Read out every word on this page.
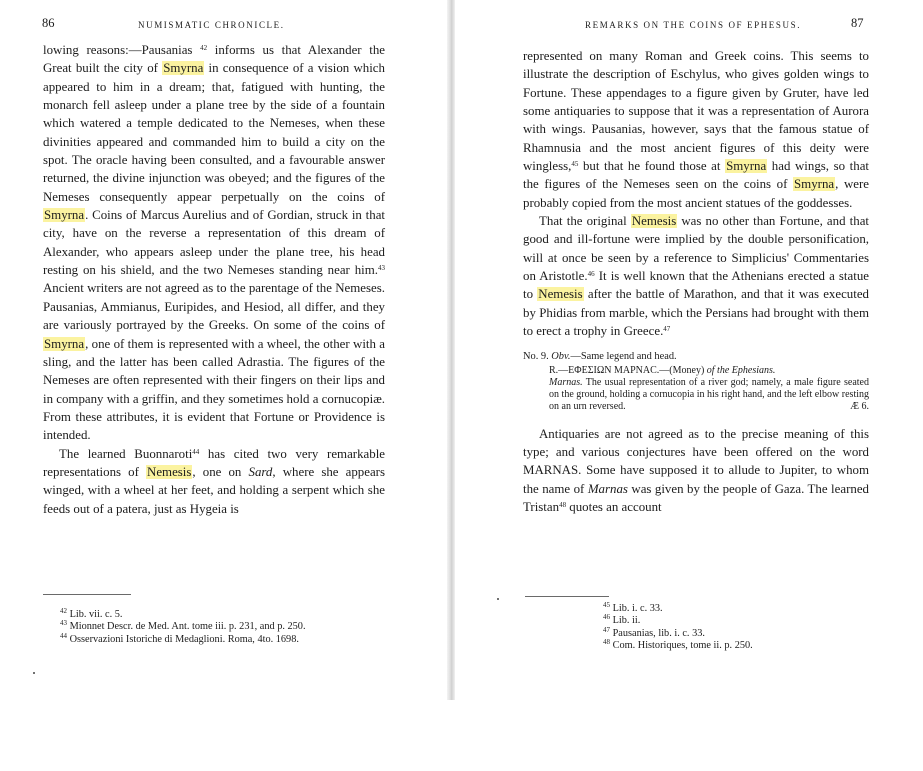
86	NUMISMATIC CHRONICLE.

lowing reasons:—Pausanias $^{42}$ informs us that Alexander the Great built the city of Smyrna in consequence of a vision which appeared to him in a dream; that, fatigued with hunting, the monarch fell asleep under a plane tree by the side of a fountain which watered a temple dedicated to the Nemeses, when these divinities appeared and commanded him to build a city on the spot. The oracle having been consulted, and a favourable answer returned, the divine injunction was obeyed; and the figures of the Nemeses consequently appear perpetually on the coins of Smyrna. Coins of Marcus Aurelius and of Gordian, struck in that city, have on the reverse a representation of this dream of Alexander, who appears asleep under the plane tree, his head resting on his shield, and the two Nemeses standing near him.$^{43}$ Ancient writers are not agreed as to the parentage of the Nemeses. Pausanias, Ammianus, Euripides, and Hesiod, all differ, and they are variously portrayed by the Greeks. On some of the coins of Smyrna, one of them is represented with a wheel, the other with a sling, and the latter has been called Adrastia. The figures of the Nemeses are often represented with their fingers on their lips and in company with a griffin, and they sometimes hold a cornucopiæ. From these attributes, it is evident that Fortune or Providence is intended.

The learned Buonnaroti$^{44}$ has cited two very remarkable representations of Nemesis, one on Sard, where she appears winged, with a wheel at her feet, and holding a serpent which she feeds out of a patera, just as Hygeia is

$^{42}$ Lib. vii. c. 5.
$^{43}$ Mionnet Descr. de Med. Ant. tome iii. p. 231, and p. 250.
$^{44}$ Osservazioni Istoriche di Medaglioni. Roma, 4to. 1698.
REMARKS ON THE COINS OF EPHESUS.	87

represented on many Roman and Greek coins. This seems to illustrate the description of Eschylus, who gives golden wings to Fortune. These appendages to a figure given by Gruter, have led some antiquaries to suppose that it was a representation of Aurora with wings. Pausanias, however, says that the famous statue of Rhamnusia and the most ancient figures of this deity were wingless,$^{45}$ but that he found those at Smyrna had wings, so that the figures of the Nemeses seen on the coins of Smyrna, were probably copied from the most ancient statues of the goddesses.

That the original Nemesis was no other than Fortune, and that good and ill-fortune were implied by the double personification, will at once be seen by a reference to Simplicius' Commentaries on Aristotle.$^{46}$ It is well known that the Athenians erected a statue to Nemesis after the battle of Marathon, and that it was executed by Phidias from marble, which the Persians had brought with them to erect a trophy in Greece.$^{47}$

No. 9. Obv.—Same legend and head.
R.—ΕΦΕΣΙΩΝ ΜΑΡΝΑC.—(Money) of the Ephesians.
Marnas. The usual representation of a river god; namely, a male figure seated on the ground, holding a cornucopia in his right hand, and the left elbow resting on an urn reversed.	Æ 6.

Antiquaries are not agreed as to the precise meaning of this type; and various conjectures have been offered on the word MARNAS. Some have supposed it to allude to Jupiter, to whom the name of Marnas was given by the people of Gaza. The learned Tristan$^{48}$ quotes an account

$^{45}$ Lib. i. c. 33.
$^{46}$ Lib. ii.
$^{47}$ Pausanias, lib. i. c. 33.
$^{48}$ Com. Historiques, tome ii. p. 250.
